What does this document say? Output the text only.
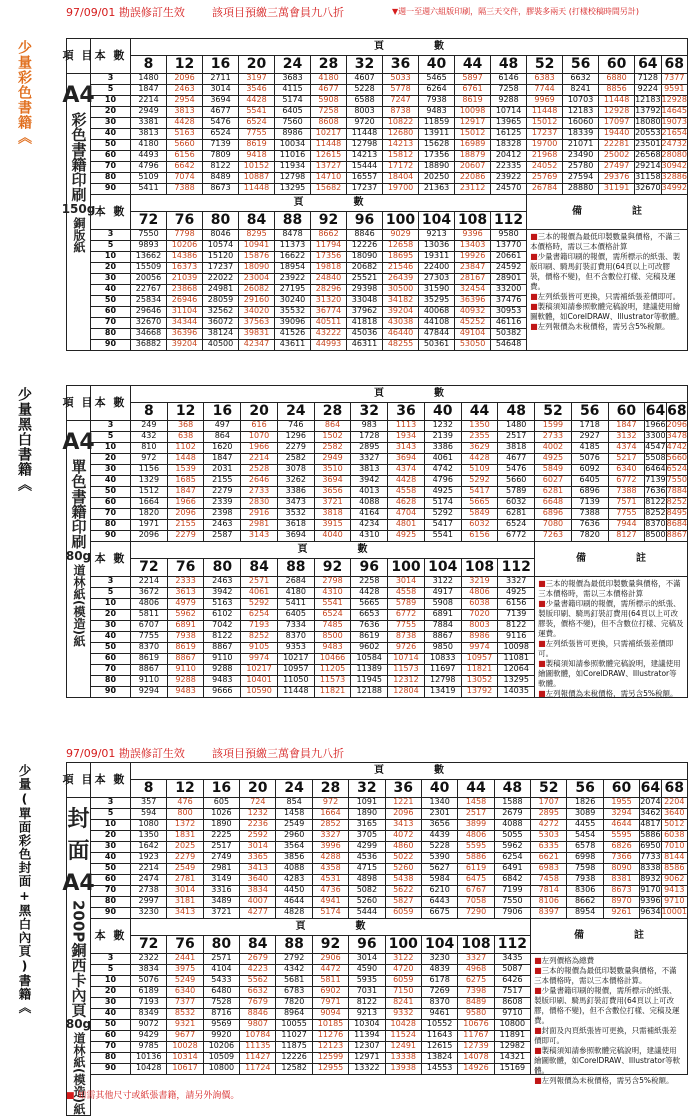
97/09/01 勘誤修訂生效 該項目預繳三萬會員九八折	▼週一至週六組版印刷，隔三天交件，膠裝多兩天 (打樣校稿時間另計)
少量彩色書籍《	項 目 本 數
頁　　　　　數
8	12	16	20	24	28	32	36	40	44	48	52	56	60 64 68
A4
彩色書籍印刷
150g
銅版紙
3	1480	2096	2711	3197	3683	4180	4607	5033	5465	5897	6146	6383	6632	6880	7128 7377
5	1847	2463	3014	3546	4115	4677	5228	5778	6264	6761	7258	7744	8241	8856	9224 9591
10	2214	2954	3694	4428	5174	5908	6588	7247	7938	8619	9288	9969	10703	11448 12183 12928
20	2949	3813	4677	5541	6405	7258	8003	8738	9483	10098	10714	11448	12183	12928 13792 14645
30	3381	4428	5476	6524	7560	8608	9720	10822	11859	12917	13965	15012	16060	17097 18080 19073
40	3813	5163	6524	7755	8986	10217	11448	12680	13911	15012	16125	17237	18339	19440 20553 21654
50	4180	5660	7139	8619	10034	11448	12798	14213	15628	16989	18328	19700	21071	22281 23501 24732
60	4493	6156	7809	9418	11016	12615	14213	15812	17356	18879	20412	21968	23490	25002 26568 28080
70	4796	6642	8122	10152	11934	13727	15444	17172	18890	20607	22335	24052	25780	27497 29214 30942
80	5109	7074	8489	10887	12798	14710	16557	18404	20250	22086	23922	25769	27594	29376 31158 32886
90	5411	7388	8673	11448	13295	15682	17237	19700	21363	23112	24570	26784	28880	31191 32670 34992
本 數
頁　　　　　數
備　　　　　註
72	76	80	84	88	92	96 100 104 108 112
3	7550	7798	8046	8295	8478	8662	8846	9029	9213	9396	9580
5	9893	10206	10574	10941	11373	11794	12226	12658	13036	13403	13770
10	13662	14386	15120	15876	16622	17356	18090	18695	19311	19926	20661
20	15509	16373	17237	18090	18954	19818	20682	21546	22400	23847	24592
30	20056	21039	22022	23004	23922	24840	25521	26439	27303	28167	28901
40	22767	23868	24981	26082	27195	28296	29398	30500	31590	32454	33200
50	25834	26946	28059	29160	30240	31320	33048	34182	35295	36396	37476
60	29646	31104	32562	34020	35532	36774	37962	39204	40068	40932	30953
70	32670	34344	36072	37563	39096	40511	41818	43038	44108	45252	46116
80	34668	36396	38124	39831	41526	43222	45036	46440	47844	49104	50382
90	36882	39204	40500	42347	43611	44993	46311	48255	50361	53050	54648
■三本的報價為最低印製數量與價格，不滿三本價格時，需以三本價格計算
■少量書籍印刷的報價，需所標示的紙張、製版印刷、騎馬釘裝訂費用(64頁以上可改膠裝，價格不變)，但不含數位打樣、完稿及運費。
■左列紙張皆可更換，只需補紙張差價即可。
■製稿須知請參照軟體完稿說明，建議使用繪圖軟體，如CorelDRAW、Illustrator等軟體。
■左列報價為未稅價格，需另含5%稅額。
少量黑白書籍《	項 目 本 數
頁　　　　　數
8	12	16	20	24	28	32	36	40	44	48	52	56	60 64 68
A4
單色書籍印刷
80g
道林紙(模造)紙
3	249	368	497	616	746	864	983	1113	1232	1350	1480	1599	1718	1847	1966 2096
5	432	638	864	1070	1296	1502	1728	1934	2139	2355	2517	2733	2927	3132	3300 3478
10	810	1102	1620	1966	2279	2582	2895	3143	3386	3629	3818	4002	4185	4374	4547 4742
20	972	1448	1847	2214	2582	2949	3327	3694	4061	4428	4677	4925	5076	5217	5508 5660
30	1156	1539	2031	2528	3078	3510	3813	4374	4742	5109	5476	5849	6092	6340	6464 6524
40	1329	1685	2155	2646	3262	3694	3942	4428	4796	5292	5660	6027	6405	6772	7139 7550
50	1512	1847	2279	2733	3386	3656	4013	4558	4925	5417	5789	6281	6896	7388	7636 7884
60	1664	1966	2339	2830	3473	3721	4088	4628	5174	5665	6032	6648	7139	7571	8122 8252
70	1820	2096	2398	2916	3532	3818	4164	4704	5292	5849	6281	6896	7388	7755	8252 8495
80	1971	2155	2463	2981	3618	3915	4234	4801	5417	6032	6524	7080	7636	7944	8370 8684
90	2096	2279	2587	3143	3694	4040	4310	4925	5541	6156	6772	7263	7820	8127	8500 8867
本 數
頁　　　　　數
備　　　　　註
72	76	80	84	88	92	96 100 104 108 112
3	2214	2333	2463	2571	2684	2798	2258	3014	3122	3219	3327
5	3672	3613	3942	4061	4180	4310	4428	4558	4917	4806	4925
10	4806	4979	5163	5292	5411	5541	5665	5789	5908	6038	6156
20	5811	5962	6102	6254	6405	6524	6653	6772	6891	7020	7139
30	6707	6891	7042	7193	7334	7485	7636	7755	7884	8003	8122
40	7755	7938	8122	8252	8370	8500	8619	8738	8867	8986	9116
50	8370	8619	8867	9105	9353	9483	9602	9726	9850	9974	10098
60	8619	8867	9110	9974	10217	10466	10584	10714	10833	10957	11081
70	8867	9110	9288	10217	10957	11205	11389	11573	11697	11821	12064
80	9110	9288	9483	10401	11050	11573	11945	12312	12798	13052	13295
90	9294	9483	9666	10590	11448	11821	12188	12804	13419	13792	14035
■三本的報價為最低印製數量與價格，不滿三本價格時，需以三本價格計算
■少量書籍印刷的報價，需所標示的紙張、製版印刷、騎馬釘裝訂費用(64頁以上可改膠裝，價格不變)，但不含數位打樣、完稿及運費。
■左列紙張皆可更換，只需補紙張差價即可。
■製稿須知請參照軟體完稿說明，建議使用繪圖軟體，如CorelDRAW、Illustrator等軟體。
■左列報價為未稅價格，需另含5%稅額。
97/09/01 勘誤修訂生效 該項目預繳三萬會員九八折
少量(單面彩色封面+黑白內頁)書籍《	項 目 本 數
頁　　　　　數
8	12	16	20	24	28	32	36	40	44	48	52	56	60 64 68
封面A4
200P銅西卡內頁
80g
道林紙(模造)紙
3	357	476	605	724	854	972	1091	1221	1340	1458	1588	1707	1826	1955	2074 2204
5	594	800	1026	1232	1458	1664	1890	2096	2301	2517	2679	2895	3089	3294	3462 3640
10	1080	1372	1890	2236	2549	2852	3165	3413	3656	3899	4088	4272	4455	4644	4817 5012
20	1350	1831	2225	2592	2960	3327	3705	4072	4439	4806	5055	5303	5454	5595	5886 6038
30	1642	2025	2517	3014	3564	3996	4299	4860	5228	5595	5962	6335	6578	6826	6950 7010
40	1923	2279	2749	3365	3856	4288	4536	5022	5390	5886	6254	6621	6998	7366	7733 8144
50	2214	2549	2981	3413	4088	4358	4715	5260	5627	6119	6491	6983	7598	8090	8338 8586
60	2474	2781	3149	3640	4283	4531	4898	5438	5984	6475	6842	7458	7938	8381	8932 9062
70	2738	3014	3316	3834	4450	4736	5082	5622	6210	6767	7199	7814	8306	8673	9170 9413
80	2997	3181	3489	4007	4644	4941	5260	5827	6443	7058	7550	8106	8662	8970	9396 9710
90	3230	3413	3721	4277	4828	5174	5444	6059	6675	7290	7906	8397	8954	9261	9634 10001
本 數
頁　　　　　數
備　　　　　註
72	76	80	84	88	92	96 100 104 108 112
3	2322	2441	2571	2679	2792	2906	3014	3122	3230	3327	3435
5	3834	3975	4104	4223	4342	4472	4590	4720	4839	4968	5087
10	5076	5249	5433	5562	5681	5811	5935	6059	6178	6275	6426
20	6189	6340	6480	6632	6783	6902	7031	7150	7269	7398	7517
30	7193	7377	7528	7679	7820	7971	8122	8241	8370	8489	8608
40	8349	8532	8716	8846	8964	9094	9213	9332	9461	9580	9710
50	9072	9321	9569	9807	10055	10185	10304	10428	10552	10676	10800
60	9429	9677	9920	10784	11027	11276	11394	11524	11643	11767	11891
70	9785	10028	10206	11135	11875	12123	12307	12491	12615	12739	12982
80	10136	10314	10509	11427	12226	12599	12971	13338	13824	14078	14321
90	10428	10617	10800	11724	12582	12955	13322	13938	14553	14926	15169
■左列價格為總費
■三本的報價為最低印製數量與價格，不滿三本價格時，需以三本價格計算。
■少量書籍印刷的報價，需所標示的紙張、製版印刷、騎馬釘裝訂費用(64頁以上可改膠，價格不變)，但不含數位打樣、完稿及運費。
■封面及內頁紙張皆可更換，只需補紙張差價即可。
■製稿須知請參照軟體完稿說明，建議使用繪圖軟體，如CorelDRAW、Illustrator等軟體。
■左列報價為未稅價格，需另含5%稅額。
■ 如需其他尺寸或紙張書籍，請另外詢價。
